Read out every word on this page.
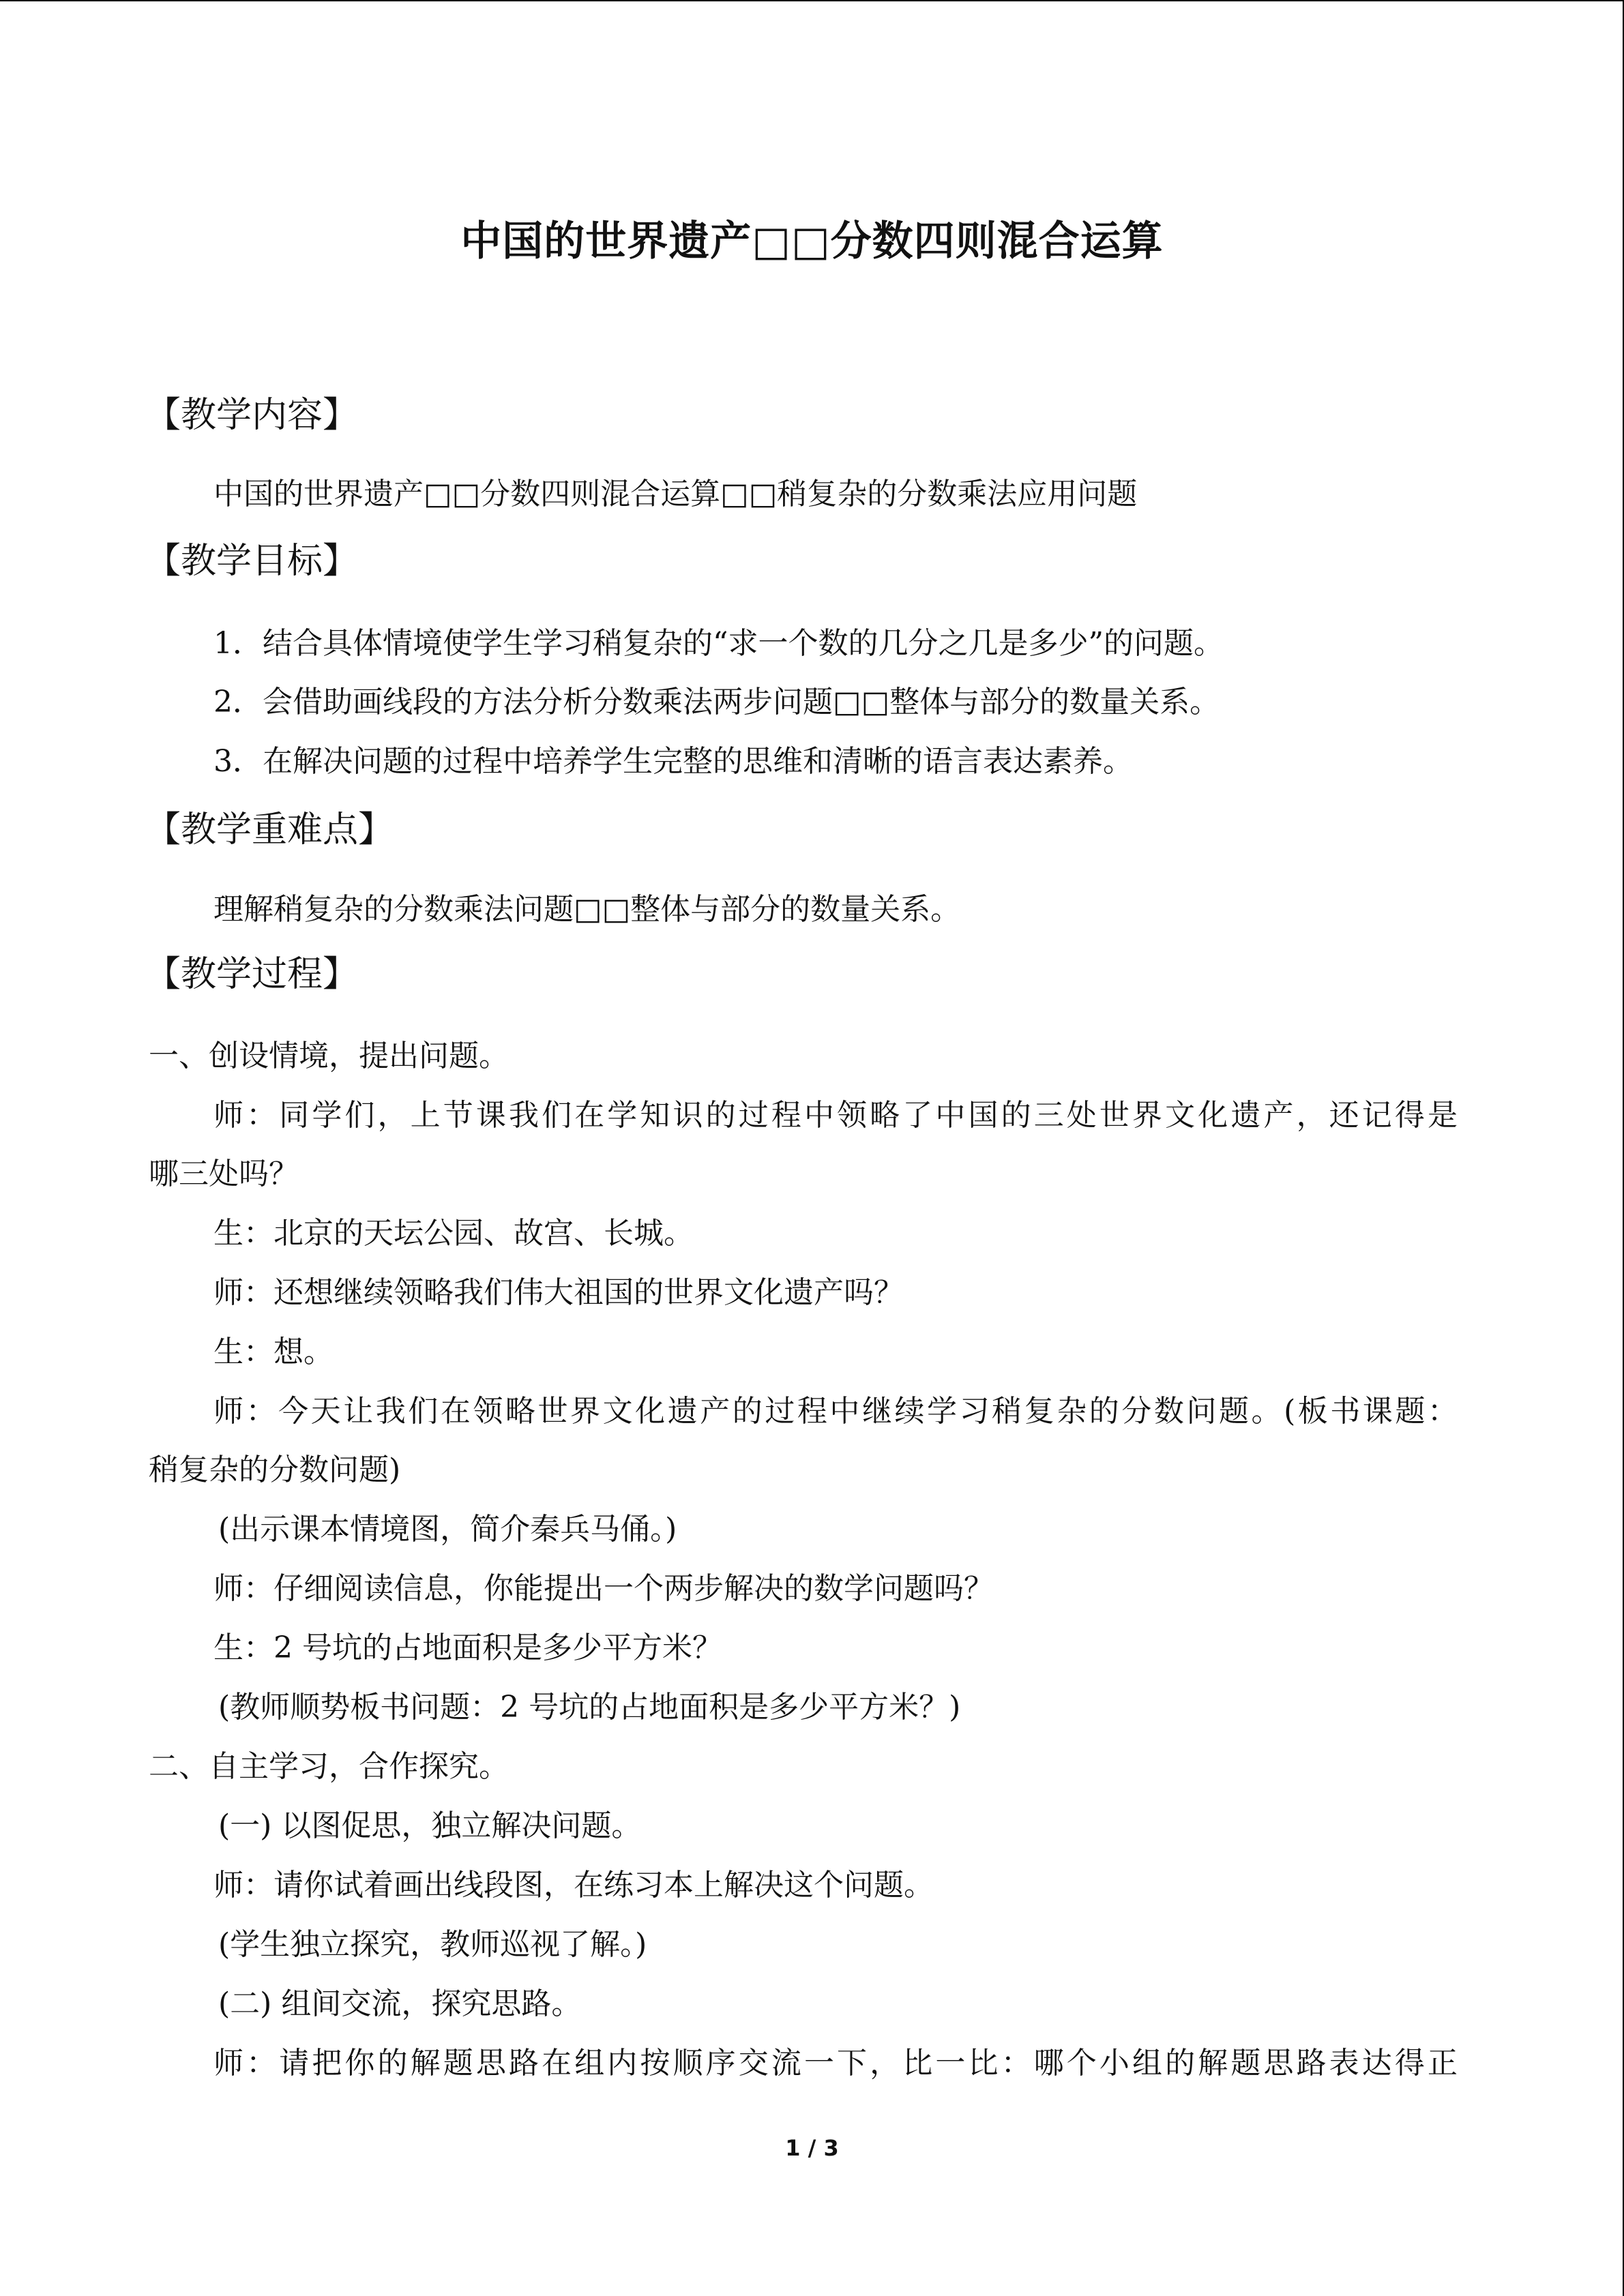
中国的世界遗产□□分数四则混合运算
【教学内容】
中国的世界遗产□□分数四则混合运算□□稍复杂的分数乘法应用问题
【教学目标】
1．结合具体情境使学生学习稍复杂的“求一个数的几分之几是多少”的问题。
2．会借助画线段的方法分析分数乘法两步问题□□整体与部分的数量关系。
3．在解决问题的过程中培养学生完整的思维和清晰的语言表达素养。
【教学重难点】
理解稍复杂的分数乘法问题□□整体与部分的数量关系。
【教学过程】
一、创设情境，提出问题。
师：同学们，上节课我们在学知识的过程中领略了中国的三处世界文化遗产，还记得是
哪三处吗？
生：北京的天坛公园、故宫、长城。
师：还想继续领略我们伟大祖国的世界文化遗产吗？
生：想。
师：今天让我们在领略世界文化遗产的过程中继续学习稍复杂的分数问题。(板书课题：
稍复杂的分数问题)
(出示课本情境图，简介秦兵马俑。)
师：仔细阅读信息，你能提出一个两步解决的数学问题吗？
生：2 号坑的占地面积是多少平方米？
(教师顺势板书问题：2 号坑的占地面积是多少平方米？)
二、自主学习，合作探究。
(一) 以图促思，独立解决问题。
师：请你试着画出线段图，在练习本上解决这个问题。
(学生独立探究，教师巡视了解。)
(二) 组间交流，探究思路。
师：请把你的解题思路在组内按顺序交流一下，比一比：哪个小组的解题思路表达得正
1 / 3
